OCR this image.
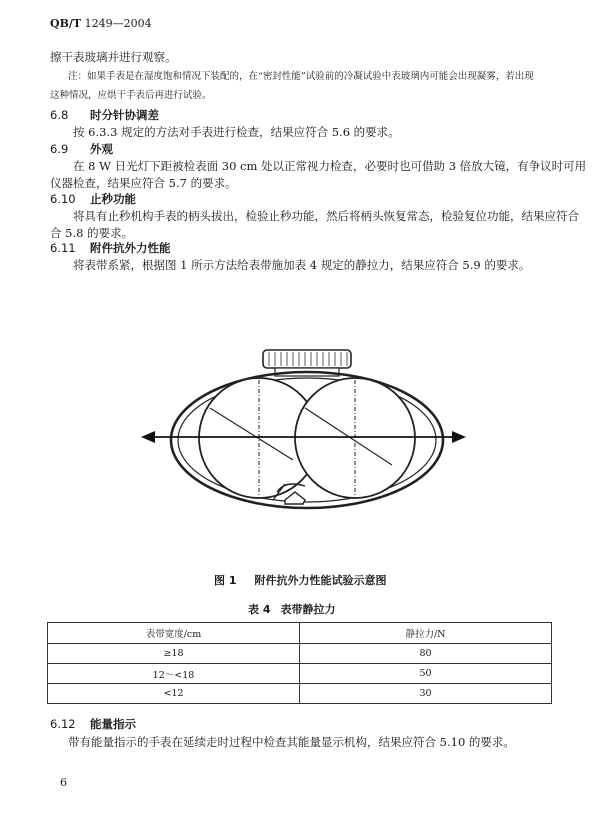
QB/T 1249—2004
擦干表玻璃并进行观察。
注：如果手表是在湿度饱和情况下装配的，在“密封性能”试验前的冷凝试验中表玻璃内可能会出现凝雾，若出现
这种情况，应烘干手表后再进行试验。
6.8 时分针协调差
按 6.3.3 规定的方法对手表进行检查，结果应符合 5.6 的要求。
6.9 外观
在 8 W 日光灯下距被检表面 30 cm 处以正常视力检查，必要时也可借助 3 倍放大镜，有争议时可用
仪器检查，结果应符合 5.7 的要求。
6.10 止秒功能
将具有止秒机构手表的柄头拔出，检验止秒功能，然后将柄头恢复常态，检验复位功能，结果应符合
合 5.8 的要求。
6.11 附件抗外力性能
将表带系紧，根据图 1 所示方法给表带施加表 4 规定的静拉力，结果应符合 5.9 的要求。
图 1 附件抗外力性能试验示意图
表 4 表带静拉力
表带宽度/cm	静拉力/N
≥18	80
12～<18	50
<12	30
6.12 能量指示
带有能量指示的手表在延续走时过程中检查其能量显示机构，结果应符合 5.10 的要求。
6
